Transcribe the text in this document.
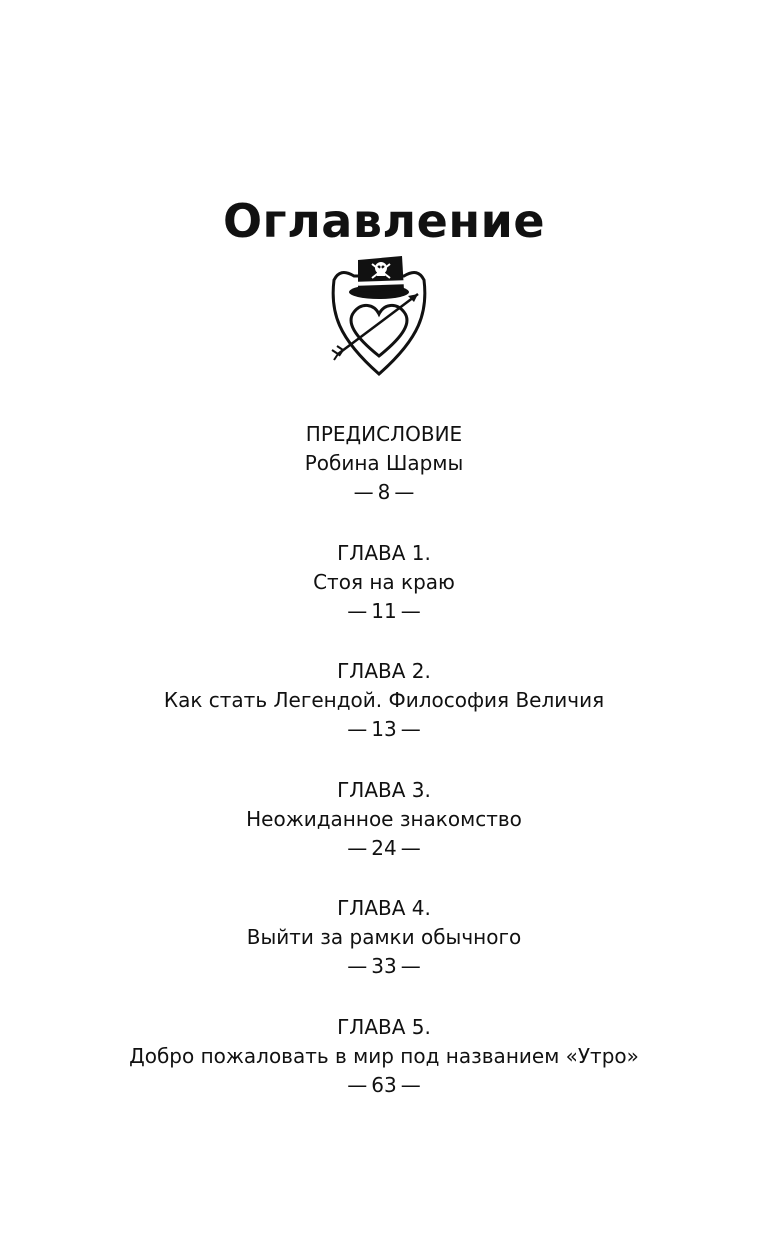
Оглавление
ПРЕДИСЛОВИЕ
Робина Шармы
— 8 —
ГЛАВА 1.
Стоя на краю
— 11 —
ГЛАВА 2.
Как стать Легендой. Философия Величия
— 13 —
ГЛАВА 3.
Неожиданное знакомство
— 24 —
ГЛАВА 4.
Выйти за рамки обычного
— 33 —
ГЛАВА 5.
Добро пожаловать в мир под названием «Утро»
— 63 —
